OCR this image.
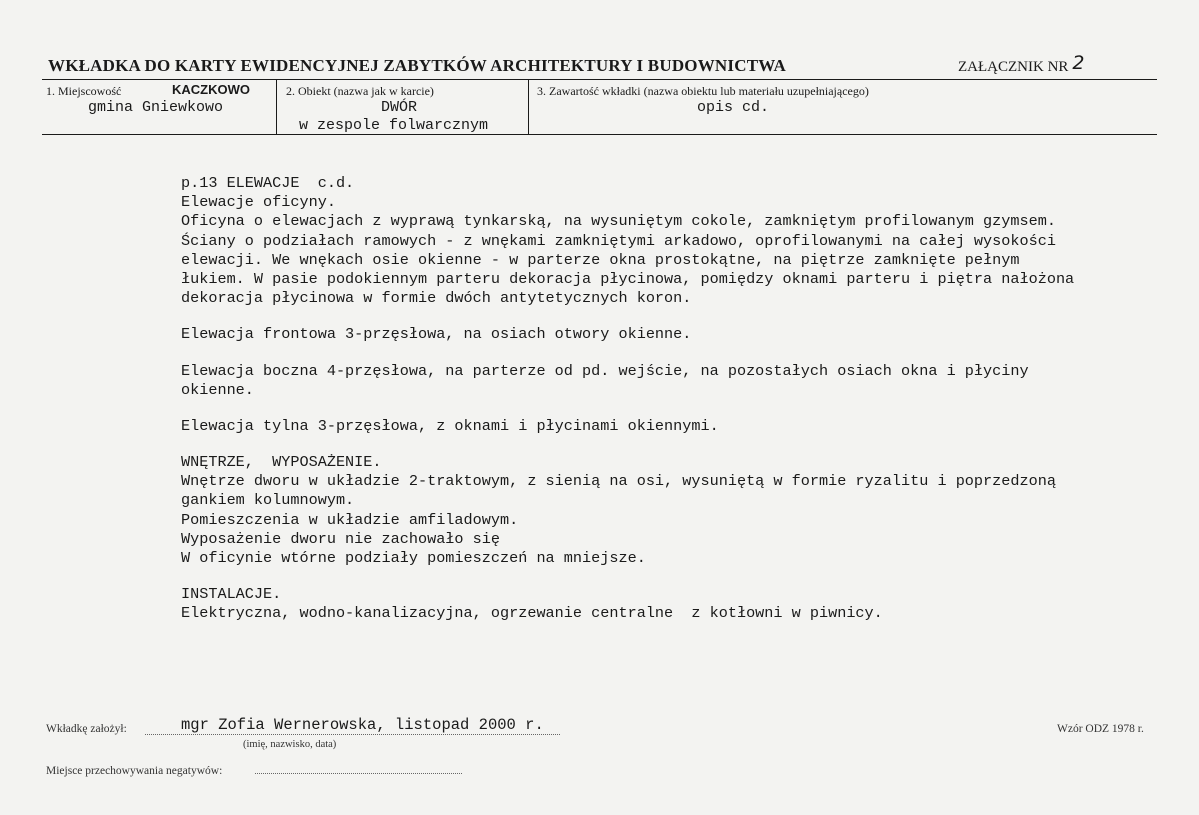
WKŁADKA DO KARTY EWIDENCYJNEJ ZABYTKÓW ARCHITEKTURY I BUDOWNICTWA	ZAŁĄCZNIK NR 2
1. Miejscowość	KACZKOWO
gmina Gniewkowo
2. Obiekt (nazwa jak w karcie)
DWÓR
w zespole folwarcznym
3. Zawartość wkładki (nazwa obiektu lub materiału uzupełniającego)
opis cd.
p.13 ELEWACJE  c.d.
Elewacje oficyny.
Oficyna o elewacjach z wyprawą tynkarską, na wysuniętym cokole, zamkniętym profilowanym gzymsem.
Ściany o podziałach ramowych - z wnękami zamkniętymi arkadowo, oprofilowanymi na całej wysokości
elewacji. We wnękach osie okienne - w parterze okna prostokątne, na piętrze zamknięte pełnym
łukiem. W pasie podokiennym parteru dekoracja płycinowa, pomiędzy oknami parteru i piętra nałożona
dekoracja płycinowa w formie dwóch antytetycznych koron.
Elewacja frontowa 3-przęsłowa, na osiach otwory okienne.
Elewacja boczna 4-przęsłowa, na parterze od pd. wejście, na pozostałych osiach okna i płyciny
okienne.
Elewacja tylna 3-przęsłowa, z oknami i płycinami okiennymi.
WNĘTRZE,  WYPOSAŻENIE.
Wnętrze dworu w układzie 2-traktowym, z sienią na osi, wysuniętą w formie ryzalitu i poprzedzoną
gankiem kolumnowym.
Pomieszczenia w układzie amfiladowym.
Wyposażenie dworu nie zachowało się
W oficynie wtórne podziały pomieszczeń na mniejsze.
INSTALACJE.
Elektryczna, wodno-kanalizacyjna, ogrzewanie centralne  z kotłowni w piwnicy.
Wkładkę założył:	mgr Zofia Wernerowska, listopad 2000 r.
(imię, nazwisko, data)
Wzór ODZ 1978 r.
Miejsce przechowywania negatywów:
